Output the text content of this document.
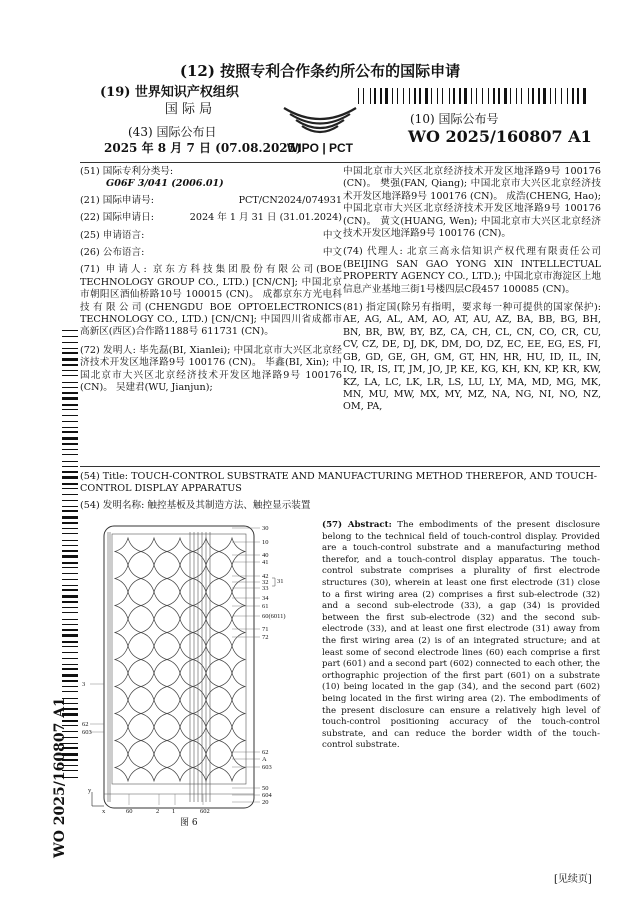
(12) 按照专利合作条约所公布的国际申请
(19) 世界知识产权组织
国 际 局
(43) 国际公布日
2025 年 8 月 7 日 (07.08.2025)
WIPO | PCT
(10) 国际公布号
WO 2025/160807 A1
(51) 国际专利分类号:
G06F 3/041 (2006.01)
(21) 国际申请号:	PCT/CN2024/074931
(22) 国际申请日:	2024 年 1 月 31 日 (31.01.2024)
(25) 申请语言:	中文
(26) 公布语言:	中文
(71) 申请人: 京东方科技集团股份有限公司(BOE TECHNOLOGY GROUP CO., LTD.) [CN/CN]; 中国北京市朝阳区酒仙桥路10号 100015 (CN)。 成都京东方光电科技有限公司(CHENGDU BOE OPTOELECTRONICS TECHNOLOGY CO., LTD.) [CN/CN]; 中国四川省成都市高新区(西区)合作路1188号 611731 (CN)。
(72) 发明人: 毕先磊(BI, Xianlei); 中国北京市大兴区北京经济技术开发区地泽路9号 100176 (CN)。 毕鑫(BI, Xin); 中国北京市大兴区北京经济技术开发区地泽路9号 100176 (CN)。 吴建君(WU, Jianjun);
中国北京市大兴区北京经济技术开发区地泽路9号 100176 (CN)。 樊强(FAN, Qiang); 中国北京市大兴区北京经济技术开发区地泽路9号 100176 (CN)。 成浩(CHENG, Hao); 中国北京市大兴区北京经济技术开发区地泽路9号 100176 (CN)。 黄文(HUANG, Wen); 中国北京市大兴区北京经济技术开发区地泽路9号 100176 (CN)。
(74) 代理人: 北京三高永信知识产权代理有限责任公司 (BEIJING SAN GAO YONG XIN INTELLECTUAL PROPERTY AGENCY CO., LTD.); 中国北京市海淀区上地信息产业基地三街1号楼四层C段457 100085 (CN)。
(81) 指定国(除另有指明，要求每一种可提供的国家保护): AE, AG, AL, AM, AO, AT, AU, AZ, BA, BB, BG, BH, BN, BR, BW, BY, BZ, CA, CH, CL, CN, CO, CR, CU, CV, CZ, DE, DJ, DK, DM, DO, DZ, EC, EE, EG, ES, FI, GB, GD, GE, GH, GM, GT, HN, HR, HU, ID, IL, IN, IQ, IR, IS, IT, JM, JO, JP, KE, KG, KH, KN, KP, KR, KW, KZ, LA, LC, LK, LR, LS, LU, LY, MA, MD, MG, MK, MN, MU, MW, MX, MY, MZ, NA, NG, NI, NO, NZ, OM, PA,
WO 2025/160807 A1
(54) Title: TOUCH-CONTROL SUBSTRATE AND MANUFACTURING METHOD THEREFOR, AND TOUCH-CONTROL DISPLAY APPARATUS
(54) 发明名称: 触控基板及其制造方法、触控显示装置
30
10
40
41
42
32
33
34
61
60(6011)
71
72
62
A
603
50
604
20
31
3
62
603
60	2 1	602
y
x
图 6
(57) Abstract: The embodiments of the present disclosure belong to the technical field of touch-control display. Provided are a touch-control substrate and a manufacturing method therefor, and a touch-control display apparatus. The touch-control substrate comprises a plurality of first electrode structures (30), wherein at least one first electrode (31) close to a first wiring area (2) comprises a first sub-electrode (32) and a second sub-electrode (33), a gap (34) is provided between the first sub-electrode (32) and the second sub-electrode (33), and at least one first electrode (31) away from the first wiring area (2) is of an integrated structure; and at least some of second electrode lines (60) each comprise a first part (601) and a second part (602) connected to each other, the orthographic projection of the first part (601) on a substrate (10) being located in the gap (34), and the second part (602) being located in the first wiring area (2). The embodiments of the present disclosure can ensure a relatively high level of touch-control positioning accuracy of the touch-control substrate, and can reduce the border width of the touch-control substrate.
[见续页]
